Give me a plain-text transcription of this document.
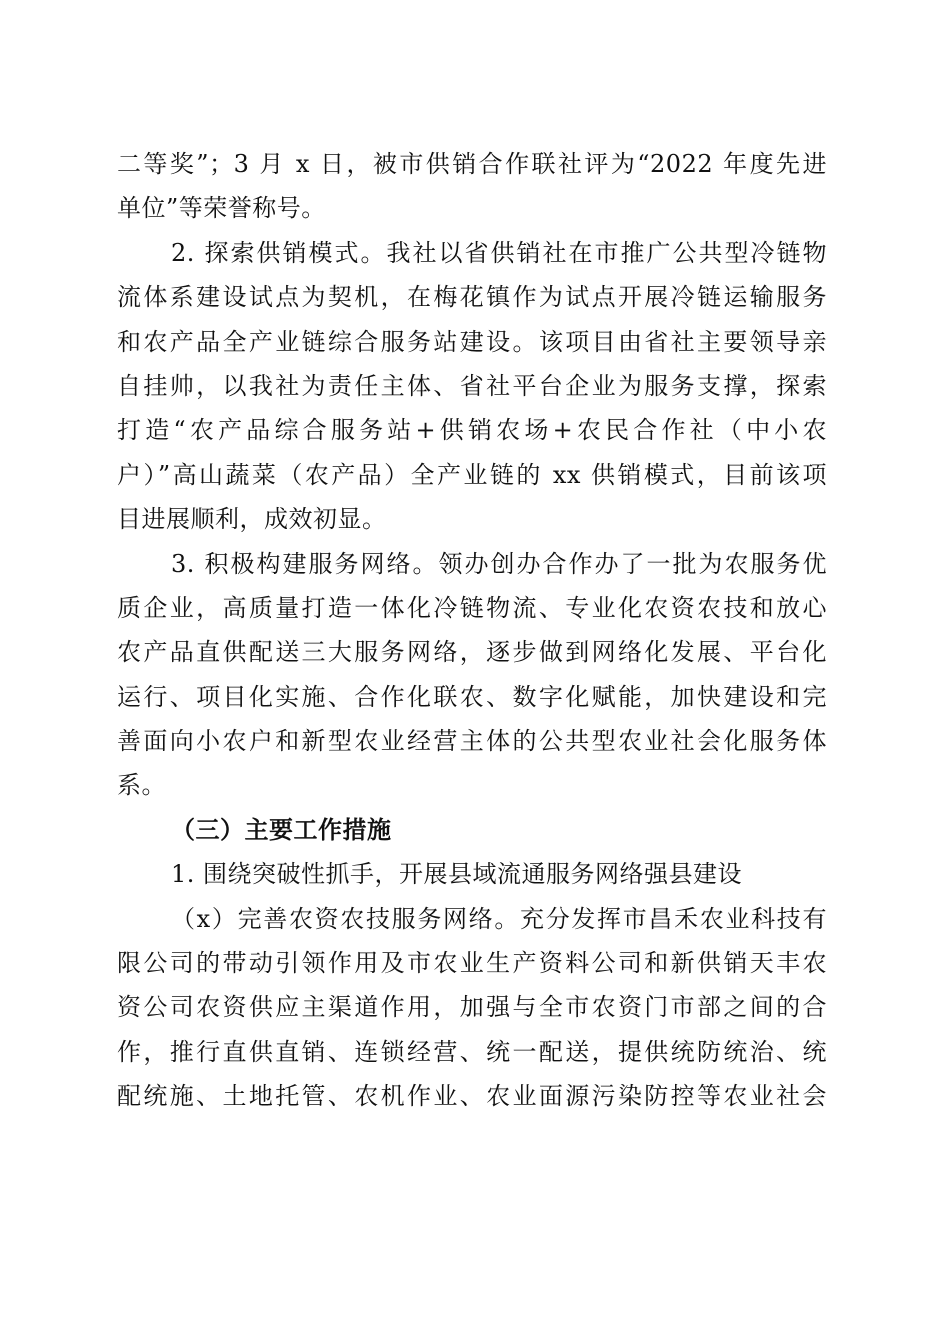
二等奖”；3 月 x 日，被市供销合作联社评为“2022 年度先进
单位”等荣誉称号。
2. 探索供销模式。我社以省供销社在市推广公共型冷链物
流体系建设试点为契机，在梅花镇作为试点开展冷链运输服务
和农产品全产业链综合服务站建设。该项目由省社主要领导亲
自挂帅，以我社为责任主体、省社平台企业为服务支撑，探索
打造“农产品综合服务站+供销农场+农民合作社（中小农
户）”高山蔬菜（农产品）全产业链的 xx 供销模式，目前该项
目进展顺利，成效初显。
3. 积极构建服务网络。领办创办合作办了一批为农服务优
质企业，高质量打造一体化冷链物流、专业化农资农技和放心
农产品直供配送三大服务网络，逐步做到网络化发展、平台化
运行、项目化实施、合作化联农、数字化赋能，加快建设和完
善面向小农户和新型农业经营主体的公共型农业社会化服务体
系。
（三）主要工作措施
1. 围绕突破性抓手，开展县域流通服务网络强县建设
（x）完善农资农技服务网络。充分发挥市昌禾农业科技有
限公司的带动引领作用及市农业生产资料公司和新供销天丰农
资公司农资供应主渠道作用，加强与全市农资门市部之间的合
作，推行直供直销、连锁经营、统一配送，提供统防统治、统
配统施、土地托管、农机作业、农业面源污染防控等农业社会
